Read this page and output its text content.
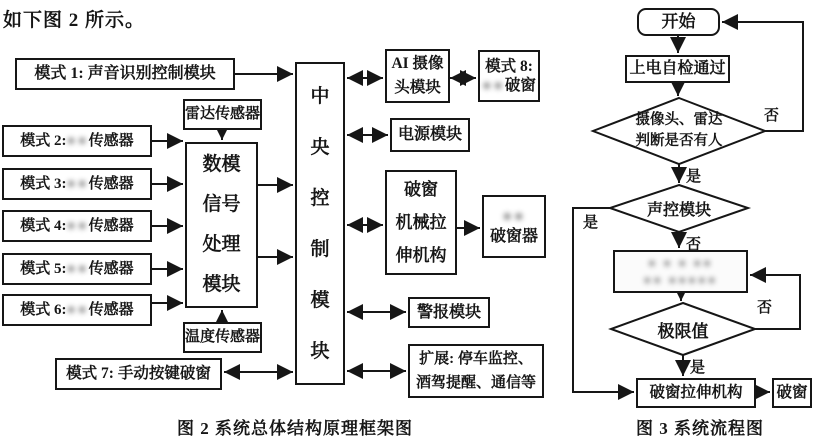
如下图 2 所示。
模式 1: 声音识别控制模块
雷达传感器
模式 2: ●● 传感器
模式 3: ●● 传感器
模式 4: ●● 传感器
模式 5: ●● 传感器
模式 6: ●● 传感器
数模
信号
处理
模块
温度传感器
模式 7: 手动按键破窗
中
央
控
制
模
块
AI 摄像
头模块
模式 8:
●●破窗
电源模块
破窗
机械拉
伸机构
●●
破窗器
警报模块
扩展: 停车监控、
酒驾提醒、通信等
图 2 系统总体结构原理框架图
开始
上电自检通过
摄像头、雷达
判断是否有人
声控模块
● ● ● ●●
●● ●●●●●
极限值
破窗拉伸机构 破窗
否
是
是
否
否
是
图 3 系统流程图
